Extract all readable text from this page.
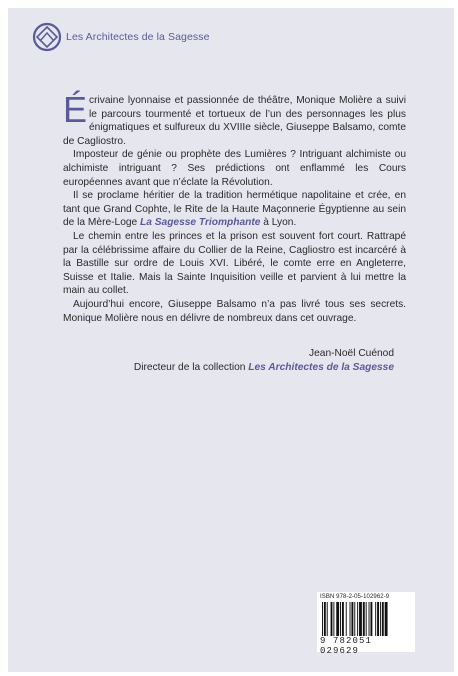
Les Architectes de la Sagesse

Écrivaine lyonnaise et passionnée de théâtre, Monique Molière a suivi le parcours tourmenté et tortueux de l’un des personnages les plus énigmatiques et sulfureux du XVIIIe siècle, Giuseppe Balsamo, comte de Cagliostro.

Imposteur de génie ou prophète des Lumières ? Intriguant alchimiste ou alchimiste intriguant ? Ses prédictions ont enflammé les Cours européennes avant que n’éclate la Révolution.

Il se proclame héritier de la tradition hermétique napolitaine et crée, en tant que Grand Cophte, le Rite de la Haute Maçonnerie Égyptienne au sein de la Mère-Loge La Sagesse Triomphante à Lyon.

Le chemin entre les princes et la prison est souvent fort court. Rattrapé par la célébrissime affaire du Collier de la Reine, Cagliostro est incarcéré à la Bastille sur ordre de Louis XVI. Libéré, le comte erre en Angleterre, Suisse et Italie. Mais la Sainte Inquisition veille et parvient à lui mettre la main au collet.

Aujourd’hui encore, Giuseppe Balsamo n’a pas livré tous ses secrets. Monique Molière nous en délivre de nombreux dans cet ouvrage.

Jean-Noël Cuénod
Directeur de la collection Les Architectes de la Sagesse
ISBN 978-2-05-102962-9
9 782051 029629
